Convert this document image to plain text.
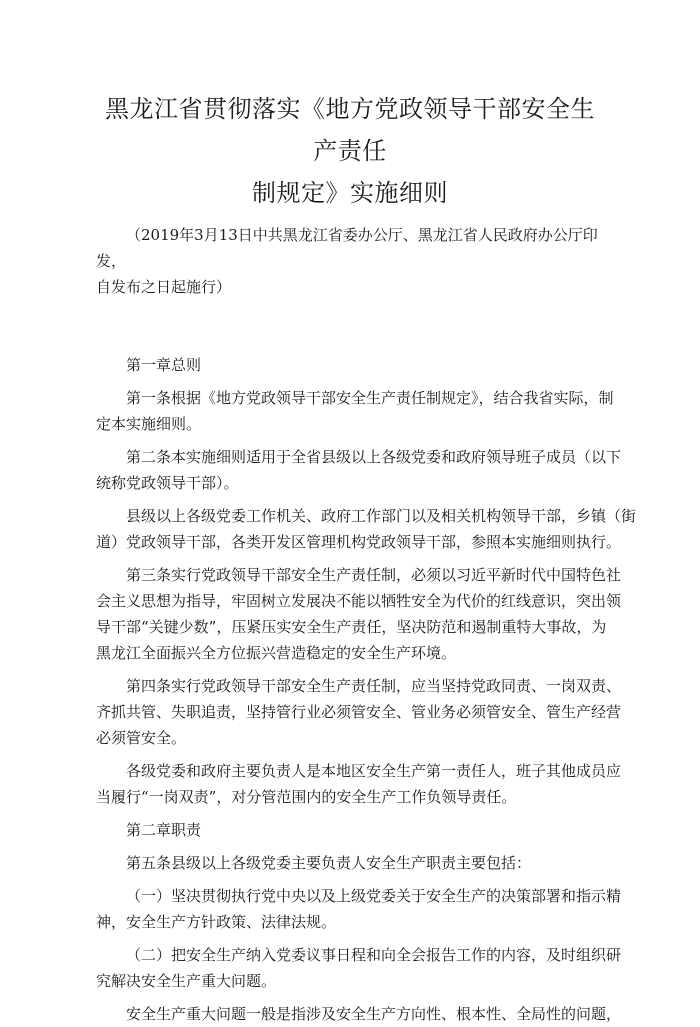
黑龙江省贯彻落实《地方党政领导干部安全生产责任
制规定》实施细则

（2019年3月13日中共黑龙江省委办公厅、黑龙江省人民政府办公厅印发，

自发布之日起施行）

第一章总则

第一条根据《地方党政领导干部安全生产责任制规定》，结合我省实际，制
定本实施细则。

第二条本实施细则适用于全省县级以上各级党委和政府领导班子成员（以下
统称党政领导干部）。

县级以上各级党委工作机关、政府工作部门以及相关机构领导干部，乡镇（街
道）党政领导干部，各类开发区管理机构党政领导干部，参照本实施细则执行。

第三条实行党政领导干部安全生产责任制，必须以习近平新时代中国特色社
会主义思想为指导，牢固树立发展决不能以牺牲安全为代价的红线意识，突出领
导干部“关键少数”，压紧压实安全生产责任，坚决防范和遏制重特大事故，为
黑龙江全面振兴全方位振兴营造稳定的安全生产环境。

第四条实行党政领导干部安全生产责任制，应当坚持党政同责、一岗双责、
齐抓共管、失职追责，坚持管行业必须管安全、管业务必须管安全、管生产经营
必须管安全。

各级党委和政府主要负责人是本地区安全生产第一责任人，班子其他成员应
当履行“一岗双责”，对分管范围内的安全生产工作负领导责任。

第二章职责

第五条县级以上各级党委主要负责人安全生产职责主要包括：

（一）坚决贯彻执行党中央以及上级党委关于安全生产的决策部署和指示精
神，安全生产方针政策、法律法规。

（二）把安全生产纳入党委议事日程和向全会报告工作的内容，及时组织研
究解决安全生产重大问题。

安全生产重大问题一般是指涉及安全生产方向性、根本性、全局性的问题，
